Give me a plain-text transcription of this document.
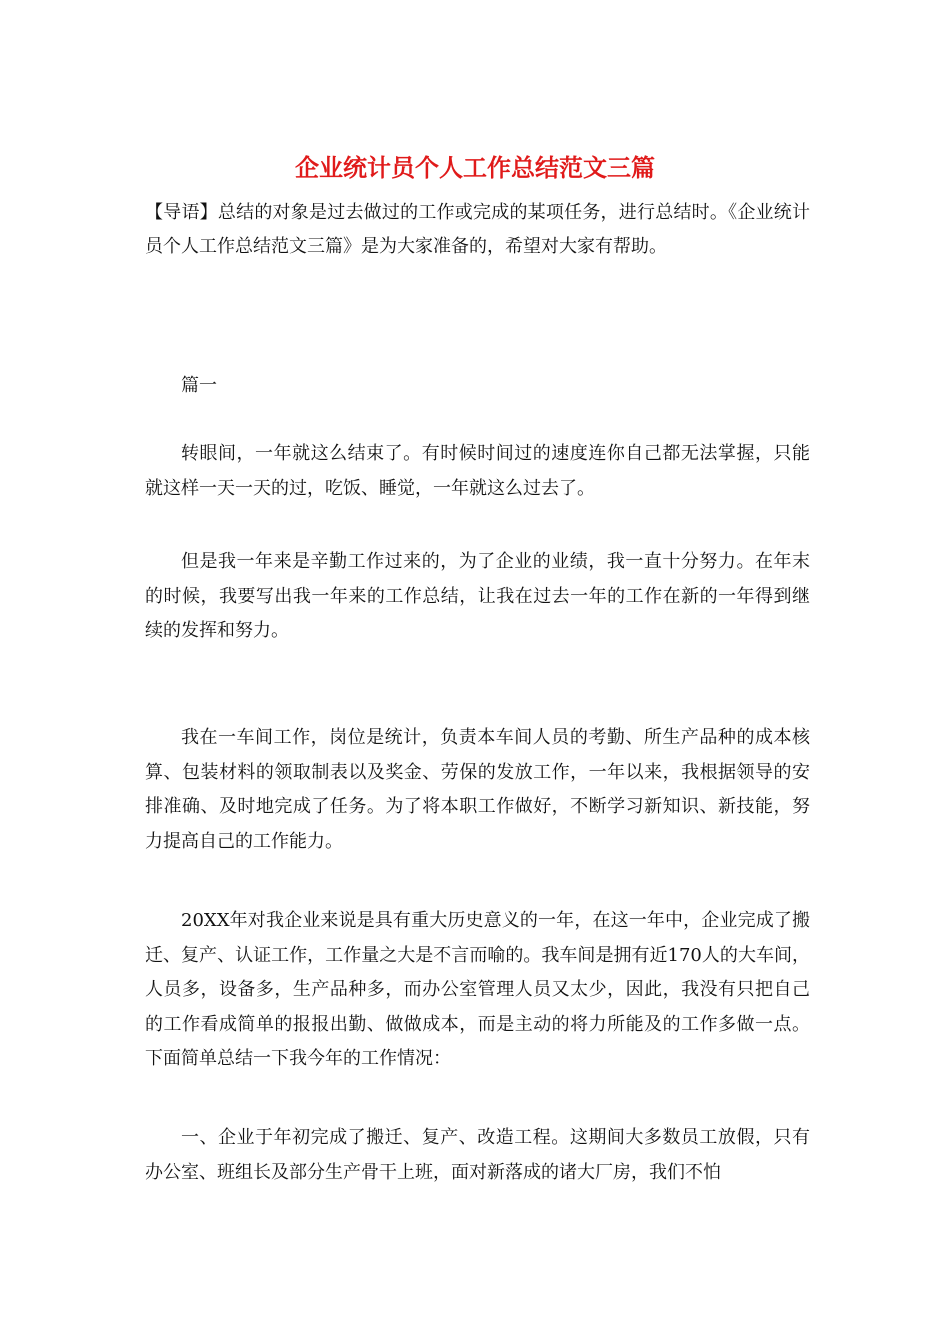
企业统计员个人工作总结范文三篇
【导语】总结的对象是过去做过的工作或完成的某项任务，进行总结时。《企业统计员个人工作总结范文三篇》是为大家准备的，希望对大家有帮助。
篇一
转眼间，一年就这么结束了。有时候时间过的速度连你自己都无法掌握，只能就这样一天一天的过，吃饭、睡觉，一年就这么过去了。
但是我一年来是辛勤工作过来的，为了企业的业绩，我一直十分努力。在年末的时候，我要写出我一年来的工作总结，让我在过去一年的工作在新的一年得到继续的发挥和努力。
我在一车间工作，岗位是统计，负责本车间人员的考勤、所生产品种的成本核算、包装材料的领取制表以及奖金、劳保的发放工作，一年以来，我根据领导的安排准确、及时地完成了任务。为了将本职工作做好，不断学习新知识、新技能，努力提高自己的工作能力。
20XX年对我企业来说是具有重大历史意义的一年，在这一年中，企业完成了搬迁、复产、认证工作，工作量之大是不言而喻的。我车间是拥有近170人的大车间，人员多，设备多，生产品种多，而办公室管理人员又太少，因此，我没有只把自己的工作看成简单的报报出勤、做做成本，而是主动的将力所能及的工作多做一点。下面简单总结一下我今年的工作情况：
一、企业于年初完成了搬迁、复产、改造工程。这期间大多数员工放假，只有办公室、班组长及部分生产骨干上班，面对新落成的诸大厂房，我们不怕
